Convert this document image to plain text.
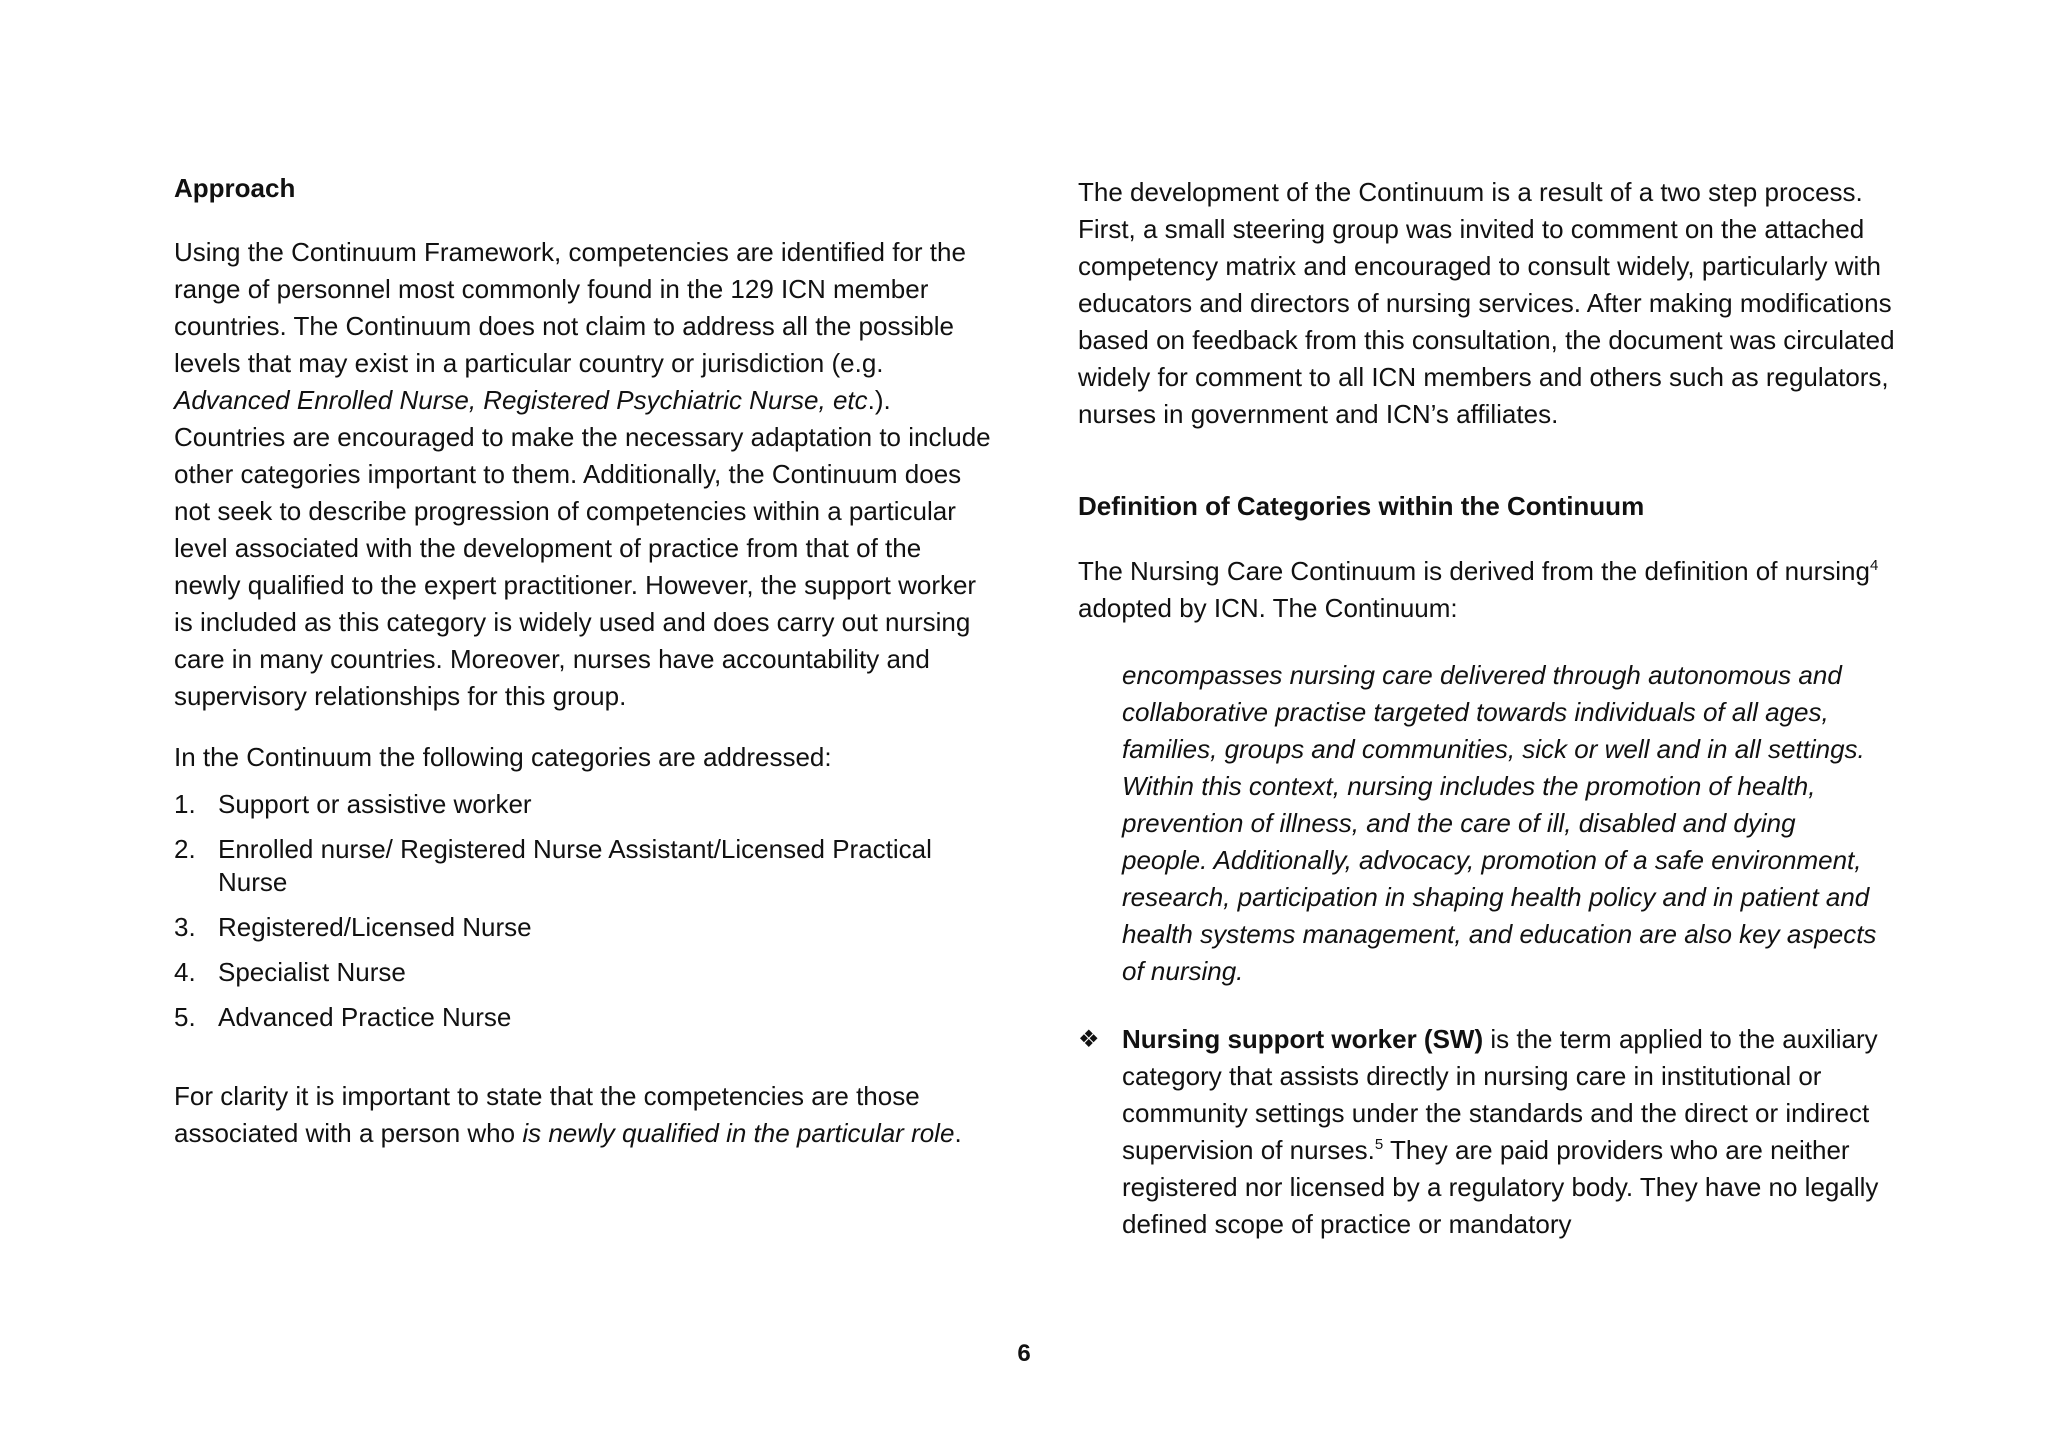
Approach

Using the Continuum Framework, competencies are identified for the range of personnel most commonly found in the 129 ICN member countries. The Continuum does not claim to address all the possible levels that may exist in a particular country or jurisdiction (e.g. Advanced Enrolled Nurse, Registered Psychiatric Nurse, etc.). Countries are encouraged to make the necessary adaptation to include other categories important to them. Additionally, the Continuum does not seek to describe progression of competencies within a particular level associated with the development of practice from that of the newly qualified to the expert practitioner. However, the support worker is included as this category is widely used and does carry out nursing care in many countries. Moreover, nurses have accountability and supervisory relationships for this group.

In the Continuum the following categories are addressed:

1. Support or assistive worker
2. Enrolled nurse/ Registered Nurse Assistant/Licensed Practical Nurse
3. Registered/Licensed Nurse
4. Specialist Nurse
5. Advanced Practice Nurse

For clarity it is important to state that the competencies are those associated with a person who is newly qualified in the particular role.

The development of the Continuum is a result of a two step process. First, a small steering group was invited to comment on the attached competency matrix and encouraged to consult widely, particularly with educators and directors of nursing services. After making modifications based on feedback from this consultation, the document was circulated widely for comment to all ICN members and others such as regulators, nurses in government and ICN’s affiliates.

Definition of Categories within the Continuum

The Nursing Care Continuum is derived from the definition of nursing$^4$ adopted by ICN. The Continuum:

encompasses nursing care delivered through autonomous and collaborative practise targeted towards individuals of all ages, families, groups and communities, sick or well and in all settings. Within this context, nursing includes the promotion of health, prevention of illness, and the care of ill, disabled and dying people. Additionally, advocacy, promotion of a safe environment, research, participation in shaping health policy and in patient and health systems management, and education are also key aspects of nursing.

❖ Nursing support worker (SW) is the term applied to the auxiliary category that assists directly in nursing care in institutional or community settings under the standards and the direct or indirect supervision of nurses.$^5$ They are paid providers who are neither registered nor licensed by a regulatory body. They have no legally defined scope of practice or mandatory
6
